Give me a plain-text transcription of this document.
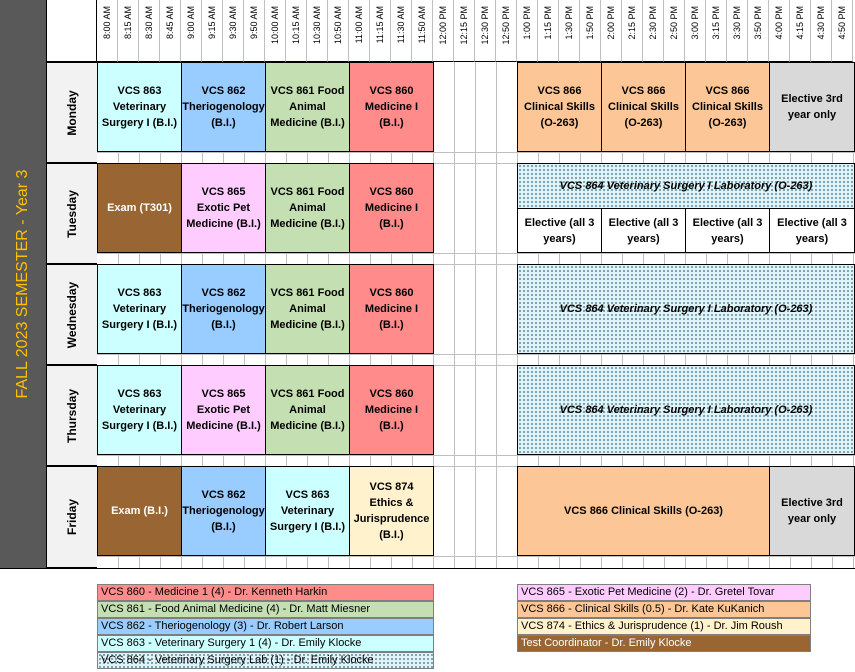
FALL 2023 SEMESTER - Year 3
8:00 AM 8:15 AM 8:30 AM 8:45 AM 9:00 AM 9:15 AM 9:30 AM 9:50 AM 10:00 AM 10:15 AM 10:30 AM 10:50 AM 11:00 AM 11:15 AM 11:30 AM 11:50 AM 12:00 PM 12:15 PM 12:30 PM 12:50 PM 1:00 PM 1:15 PM 1:30 PM 1:50 PM 2:00 PM 2:15 PM 2:30 PM 2:50 PM 3:00 PM 3:15 PM 3:30 PM 3:50 PM 4:00 PM 4:15 PM 4:30 PM 4:50 PM
Monday
Tuesday
Wednesday
Thursday
Friday
VCS 863 Veterinary Surgery I (B.I.)
VCS 862 Theriogenology (B.I.)
VCS 861 Food Animal Medicine (B.I.)
VCS 860 Medicine I (B.I.)
VCS 866 Clinical Skills (O-263)
VCS 866 Clinical Skills (O-263)
VCS 866 Clinical Skills (O-263)
Elective 3rd year only
Exam (T301)
VCS 865 Exotic Pet Medicine (B.I.)
VCS 861 Food Animal Medicine (B.I.)
VCS 860 Medicine I (B.I.)
VCS 864 Veterinary Surgery I Laboratory (O-263)
Elective (all 3 years)
Elective (all 3 years)
Elective (all 3 years)
Elective (all 3 years)
VCS 863 Veterinary Surgery I (B.I.)
VCS 862 Theriogenology (B.I.)
VCS 861 Food Animal Medicine (B.I.)
VCS 860 Medicine I (B.I.)
VCS 864 Veterinary Surgery I Laboratory (O-263)
VCS 863 Veterinary Surgery I (B.I.)
VCS 865 Exotic Pet Medicine (B.I.)
VCS 861 Food Animal Medicine (B.I.)
VCS 860 Medicine I (B.I.)
VCS 864 Veterinary Surgery I Laboratory (O-263)
Exam (B.I.)
VCS 862 Theriogenology (B.I.)
VCS 863 Veterinary Surgery I (B.I.)
VCS 874 Ethics & Jurisprudence (B.I.)
VCS 866 Clinical Skills (O-263)
Elective 3rd year only
VCS 860 - Medicine 1 (4) - Dr. Kenneth Harkin
VCS 861 - Food Animal Medicine (4) - Dr. Matt Miesner
VCS 862 - Theriogenology (3) - Dr. Robert Larson
VCS 863 - Veterinary Surgery 1 (4) - Dr. Emily Klocke
VCS 864 - Veterinary Surgery Lab (1) - Dr. Emily Klocke
VCS 865 - Exotic Pet Medicine (2) - Dr. Gretel Tovar
VCS 866 - Clinical Skills (0.5) - Dr. Kate KuKanich
VCS 874 - Ethics & Jurisprudence (1) - Dr. Jim Roush
Test Coordinator - Dr. Emily Klocke
